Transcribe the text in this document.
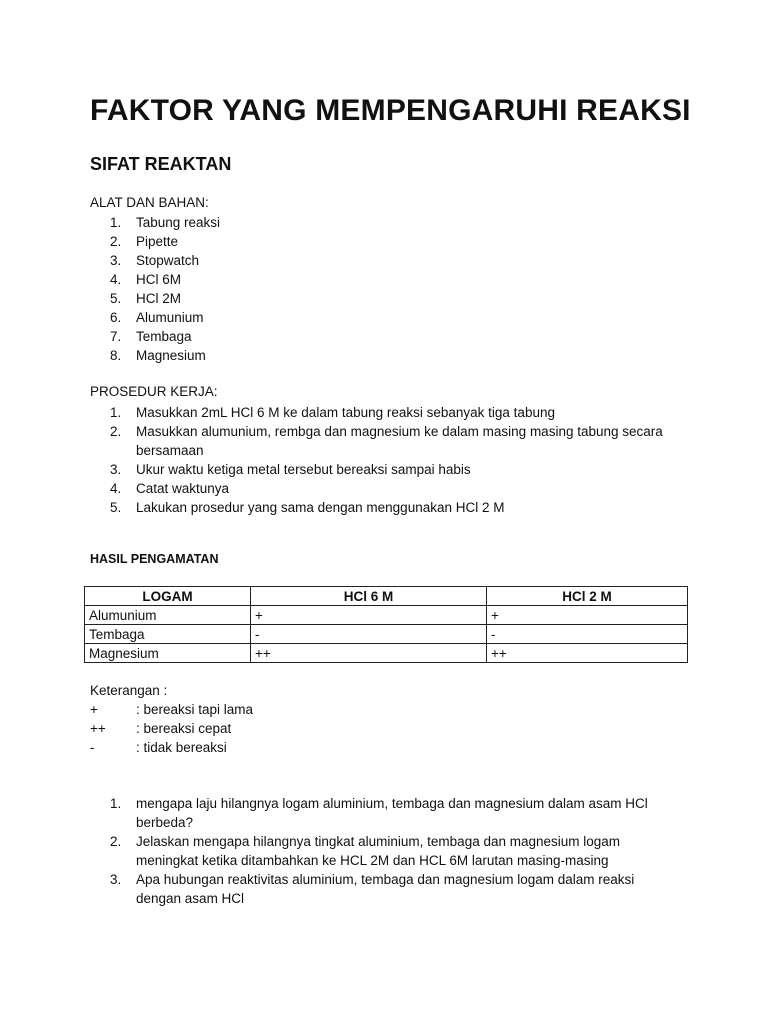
FAKTOR YANG MEMPENGARUHI REAKSI
SIFAT REAKTAN
ALAT DAN BAHAN:
1. Tabung reaksi
2. Pipette
3. Stopwatch
4. HCl 6M
5. HCl 2M
6. Alumunium
7. Tembaga
8. Magnesium
PROSEDUR KERJA:
1. Masukkan 2mL HCl 6 M ke dalam tabung reaksi sebanyak tiga tabung
2. Masukkan alumunium, rembga dan magnesium ke dalam masing masing tabung secara bersamaan
3. Ukur waktu ketiga metal tersebut bereaksi sampai habis
4. Catat waktunya
5. Lakukan prosedur yang sama dengan menggunakan HCl 2 M
HASIL PENGAMATAN
LOGAM	HCl 6 M	HCl 2 M
Alumunium	+	+
Tembaga	-	-
Magnesium	++	++
Keterangan :
+	: bereaksi tapi lama
++ : bereaksi cepat
-	: tidak bereaksi
1. mengapa laju hilangnya logam aluminium, tembaga dan magnesium dalam asam HCl berbeda?
2. Jelaskan mengapa hilangnya tingkat aluminium, tembaga dan magnesium logam meningkat ketika ditambahkan ke HCL 2M dan HCL 6M larutan masing-masing
3. Apa hubungan reaktivitas aluminium, tembaga dan magnesium logam dalam reaksi dengan asam HCl
